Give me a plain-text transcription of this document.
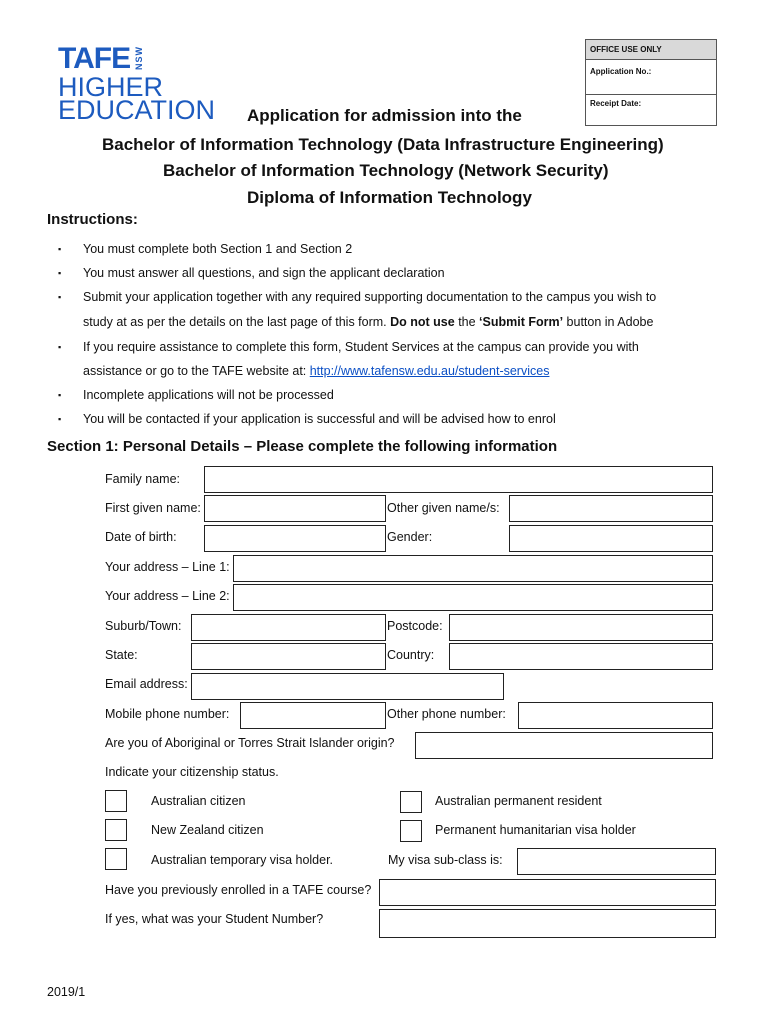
TAFE NSW
HIGHER
EDUCATION
OFFICE USE ONLY
Application No.:
Receipt Date:
Application for admission into the
Bachelor of Information Technology (Data Infrastructure Engineering)
Bachelor of Information Technology (Network Security)
Diploma of Information Technology
Instructions:
▪ You must complete both Section 1 and Section 2
▪ You must answer all questions, and sign the applicant declaration
▪ Submit your application together with any required supporting documentation to the campus you wish to
study at as per the details on the last page of this form. Do not use the ‘Submit Form’ button in Adobe
▪ If you require assistance to complete this form, Student Services at the campus can provide you with
assistance or go to the TAFE website at: http://www.tafensw.edu.au/student-services
▪ Incomplete applications will not be processed
▪ You will be contacted if your application is successful and will be advised how to enrol
Section 1: Personal Details – Please complete the following information
Family name:
First given name:	Other given name/s:
Date of birth:	Gender:
Your address – Line 1:
Your address – Line 2:
Suburb/Town:	Postcode:
State:	Country:
Email address:
Mobile phone number:	Other phone number:
Are you of Aboriginal or Torres Strait Islander origin?
Indicate your citizenship status.
Australian citizen	Australian permanent resident
New Zealand citizen	Permanent humanitarian visa holder
Australian temporary visa holder.	My visa sub-class is:
Have you previously enrolled in a TAFE course?
If yes, what was your Student Number?
2019/1
